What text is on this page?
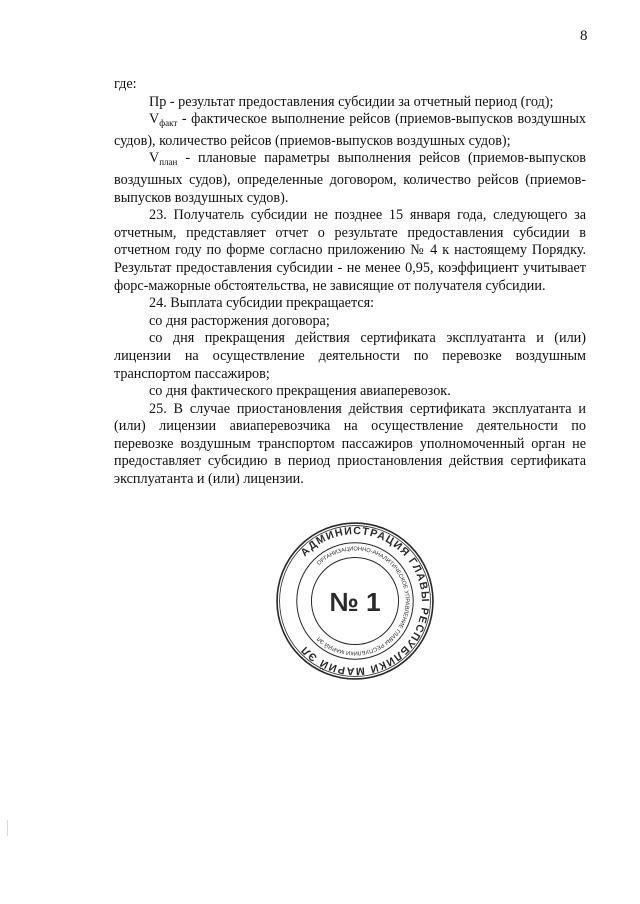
8

где:

Пр - результат предоставления субсидии за отчетный период (год);

$V_{факт}$ - фактическое выполнение рейсов (приемов-выпусков воздушных судов), количество рейсов (приемов-выпусков воздушных судов);

$V_{план}$ - плановые параметры выполнения рейсов (приемов-выпусков воздушных судов), определенные договором, количество рейсов (приемов-выпусков воздушных судов).

23. Получатель субсидии не позднее 15 января года, следующего за отчетным, представляет отчет о результате предоставления субсидии в отчетном году по форме согласно приложению № 4 к настоящему Порядку. Результат предоставления субсидии - не менее 0,95, коэффициент учитывает форс-мажорные обстоятельства, не зависящие от получателя субсидии.

24. Выплата субсидии прекращается:

со дня расторжения договора;

со дня прекращения действия сертификата эксплуатанта и (или) лицензии на осуществление деятельности по перевозке воздушным транспортом пассажиров;

со дня фактического прекращения авиаперевозок.

25. В случае приостановления действия сертификата эксплуатанта и (или) лицензии авиаперевозчика на осуществление деятельности по перевозке воздушным транспортом пассажиров уполномоченный орган не предоставляет субсидию в период приостановления действия сертификата эксплуатанта и (или) лицензии.

АДМИНИСТРАЦИЯ ГЛАВЫ РЕСПУБЛИКИ МАРИЙ ЭЛ
ОРГАНИЗАЦИОННО-АНАЛИТИЧЕСКОЕ УПРАВЛЕНИЕ ГЛАВЫ РЕСПУБЛИКИ МАРИЙ ЭЛ
№ 1
